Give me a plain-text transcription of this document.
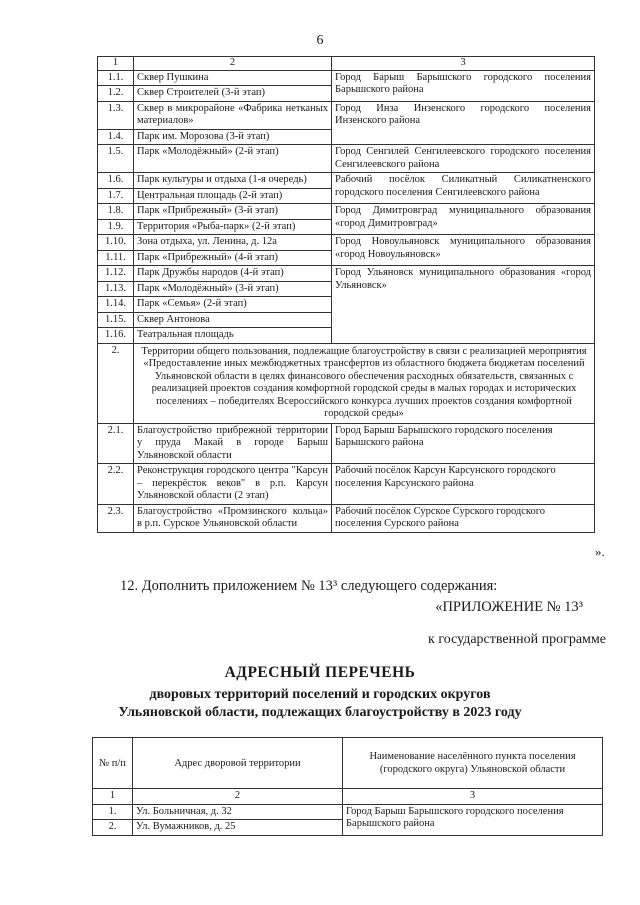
6
1	2	3
1.1.	Сквер Пушкина	Город Барыш Барышского городского поселения Барышского района
1.2.	Сквер Строителей (3-й этап)	
1.3.	Сквер в микрорайоне «Фабрика нетканых материалов»	Город Инза Инзенского городского поселения Инзенского района
1.4.	Парк им. Морозова (3-й этап)	
1.5.	Парк «Молодёжный» (2-й этап)	Город Сенгилей Сенгилеевского городского поселения Сенгилеевского района
1.6.	Парк культуры и отдыха (1-я очередь)	Рабочий посёлок Силикатный Силикатненского городского поселения Сенгилеевского района
1.7.	Центральная площадь (2-й этап)	
1.8.	Парк «Прибрежный» (3-й этап)	Город Димитровград муниципального образования «город Димитровград»
1.9.	Территория «Рыба-парк» (2-й этап)	
1.10.	Зона отдыха, ул. Ленина, д. 12а	Город Новоульяновск муниципального образования «город Новоульяновск»
1.11.	Парк «Прибрежный» (4-й этап)	
1.12.	Парк Дружбы народов (4-й этап)	Город Ульяновск муниципального образования «город Ульяновск»
1.13.	Парк «Молодёжный» (3-й этап)	
1.14.	Парк «Семья» (2-й этап)	
1.15.	Сквер Антонова	
1.16.	Театральная площадь	
2.	Территории общего пользования, подлежащие благоустройству в связи с реализацией мероприятия «Предоставление иных межбюджетных трансфертов из областного бюджета бюджетам поселений Ульяновской области в целях финансового обеспечения расходных обязательств, связанных с реализацией проектов создания комфортной городской среды в малых городах и исторических поселениях – победителях Всероссийского конкурса лучших проектов создания комфортной городской среды»	
2.1.	Благоустройство прибрежной территории у пруда Макай в городе Барыш Ульяновской области	Город Барыш Барышского городского поселения Барышского района
2.2.	Реконструкция городского центра "Карсун – перекрёсток веков" в р.п. Карсун Ульяновской области (2 этап)	Рабочий посёлок Карсун Карсунского городского поселения Карсунского района
2.3.	Благоустройство «Промзинского кольца» в р.п. Сурское Ульяновской области	Рабочий посёлок Сурское Сурского городского поселения Сурского района
».
12. Дополнить приложением № 13³ следующего содержания:
«ПРИЛОЖЕНИЕ № 13³
к государственной программе
АДРЕСНЫЙ ПЕРЕЧЕНЬ
дворовых территорий поселений и городских округов
Ульяновской области, подлежащих благоустройству в 2023 году
№ п/п	Адрес дворовой территории	Наименование населённого пункта поселения (городского округа) Ульяновской области
1	2	3
1.	Ул. Больничная, д. 32	Город Барыш Барышского городского поселения Барышского района
2.	Ул. Вумажников, д. 25	
